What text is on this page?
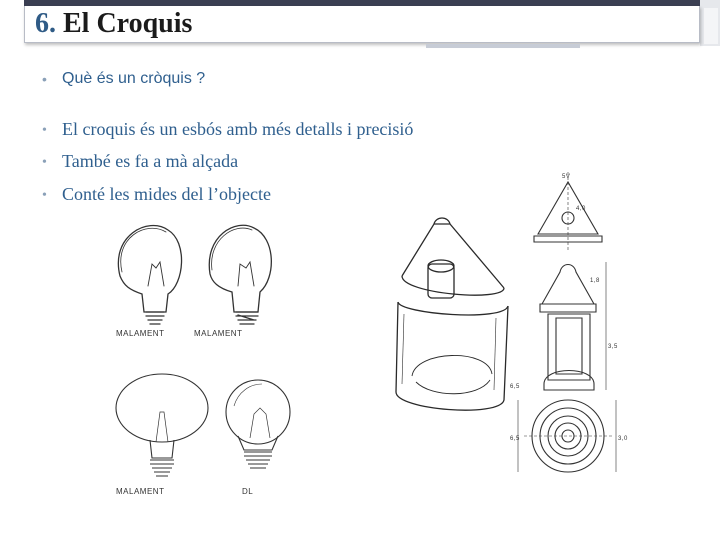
6. El Croquis
• Què és un cròquis ?
• El croquis és un esbós amb més detalls i precisió
• També es fa a mà alçada
• Conté les mides del l’objecte
MALAMENT	MALAMENT
MALAMENT	DL
5V
4,0
1,8
3,5
6,5
6,5	3,0
